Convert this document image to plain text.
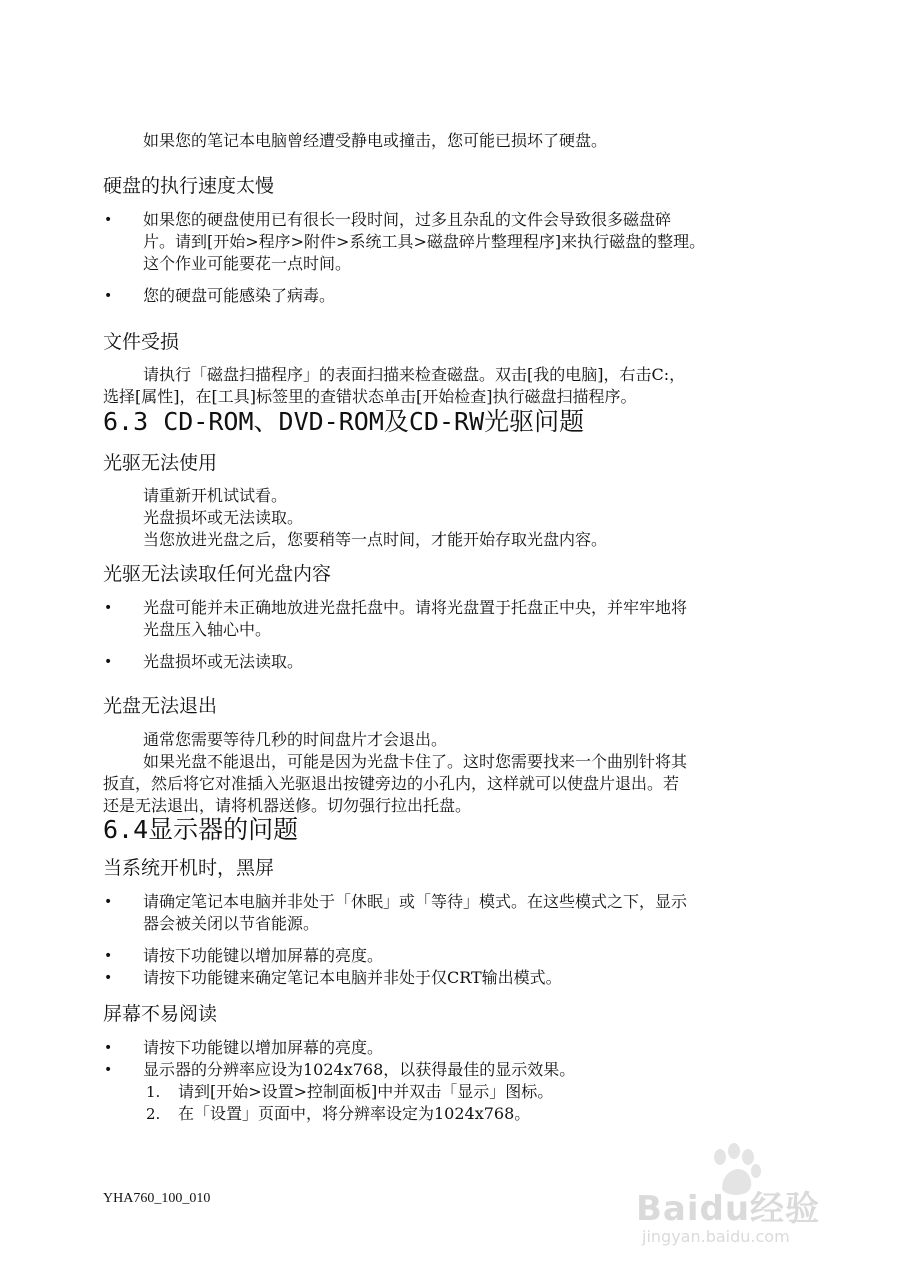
如果您的笔记本电脑曾经遭受静电或撞击，您可能已损坏了硬盘。
硬盘的执行速度太慢
• 如果您的硬盘使用已有很长一段时间，过多且杂乱的文件会导致很多磁盘碎
片。请到[开始>程序>附件>系统工具>磁盘碎片整理程序]来执行磁盘的整理。
这个作业可能要花一点时间。
• 您的硬盘可能感染了病毒。
文件受损
请执行「磁盘扫描程序」的表面扫描来检查磁盘。双击[我的电脑]，右击C:，
选择[属性]，在[工具]标签里的查错状态单击[开始检查]执行磁盘扫描程序。
6.3 CD-ROM、DVD-ROM及CD-RW光驱问题
光驱无法使用
请重新开机试试看。
光盘损坏或无法读取。
当您放进光盘之后，您要稍等一点时间，才能开始存取光盘内容。
光驱无法读取任何光盘内容
• 光盘可能并未正确地放进光盘托盘中。请将光盘置于托盘正中央，并牢牢地将
光盘压入轴心中。
• 光盘损坏或无法读取。
光盘无法退出
通常您需要等待几秒的时间盘片才会退出。
如果光盘不能退出，可能是因为光盘卡住了。这时您需要找来一个曲别针将其
扳直，然后将它对准插入光驱退出按键旁边的小孔内，这样就可以使盘片退出。若
还是无法退出，请将机器送修。切勿强行拉出托盘。
6.4显示器的问题
当系统开机时，黑屏
• 请确定笔记本电脑并非处于「休眠」或「等待」模式。在这些模式之下，显示
器会被关闭以节省能源。
• 请按下功能键以增加屏幕的亮度。
• 请按下功能键来确定笔记本电脑并非处于仅CRT输出模式。
屏幕不易阅读
• 请按下功能键以增加屏幕的亮度。
• 显示器的分辨率应设为1024x768，以获得最佳的显示效果。
1. 请到[开始>设置>控制面板]中并双击「显示」图标。
2. 在「设置」页面中，将分辨率设定为1024x768。
YHA760_100_010	Baidu经验
jingyan.baidu.com
